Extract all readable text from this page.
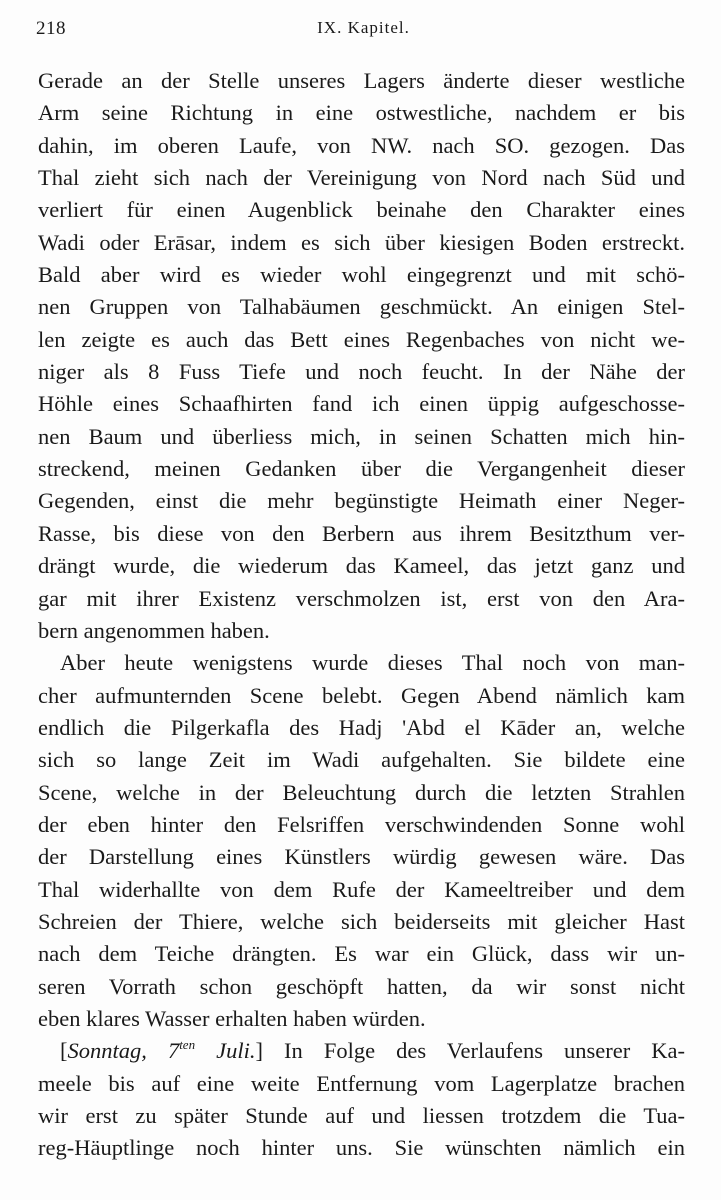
218	IX. Kapitel.
Gerade an der Stelle unseres Lagers änderte dieser westliche
Arm seine Richtung in eine ostwestliche, nachdem er bis
dahin, im oberen Laufe, von NW. nach SO. gezogen. Das
Thal zieht sich nach der Vereinigung von Nord nach Süd und
verliert für einen Augenblick beinahe den Charakter eines
Wadi oder Erāsar, indem es sich über kiesigen Boden erstreckt.
Bald aber wird es wieder wohl eingegrenzt und mit schö-
nen Gruppen von Talhabäumen geschmückt. An einigen Stel-
len zeigte es auch das Bett eines Regenbaches von nicht we-
niger als 8 Fuss Tiefe und noch feucht. In der Nähe der
Höhle eines Schaafhirten fand ich einen üppig aufgeschosse-
nen Baum und überliess mich, in seinen Schatten mich hin-
streckend, meinen Gedanken über die Vergangenheit dieser
Gegenden, einst die mehr begünstigte Heimath einer Neger-
Rasse, bis diese von den Berbern aus ihrem Besitzthum ver-
drängt wurde, die wiederum das Kameel, das jetzt ganz und
gar mit ihrer Existenz verschmolzen ist, erst von den Ara-
bern angenommen haben.
Aber heute wenigstens wurde dieses Thal noch von man-
cher aufmunternden Scene belebt. Gegen Abend nämlich kam
endlich die Pilgerkafla des Hadj 'Abd el Kāder an, welche
sich so lange Zeit im Wadi aufgehalten. Sie bildete eine
Scene, welche in der Beleuchtung durch die letzten Strahlen
der eben hinter den Felsriffen verschwindenden Sonne wohl
der Darstellung eines Künstlers würdig gewesen wäre. Das
Thal widerhallte von dem Rufe der Kameeltreiber und dem
Schreien der Thiere, welche sich beiderseits mit gleicher Hast
nach dem Teiche drängten. Es war ein Glück, dass wir un-
seren Vorrath schon geschöpft hatten, da wir sonst nicht
eben klares Wasser erhalten haben würden.
[Sonntag, $7^{ten}$ Juli.] In Folge des Verlaufens unserer Ka-
meele bis auf eine weite Entfernung vom Lagerplatze brachen
wir erst zu später Stunde auf und liessen trotzdem die Tua-
reg-Häuptlinge noch hinter uns. Sie wünschten nämlich ein
